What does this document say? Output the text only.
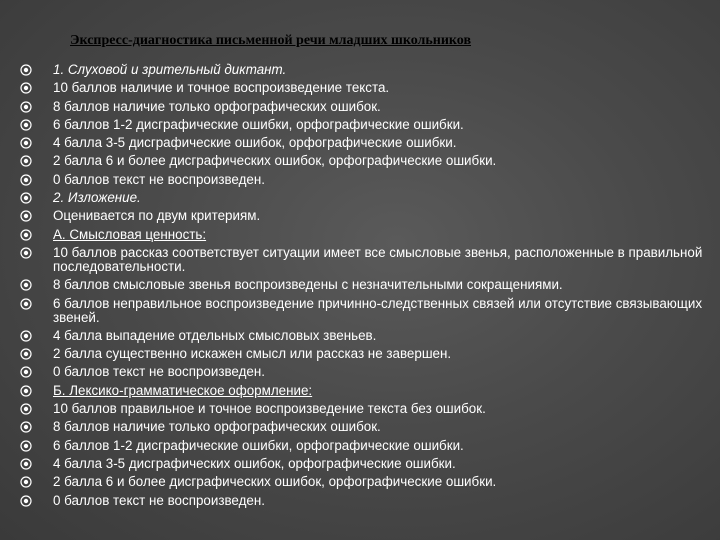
Экспресс-диагностика письменной речи младших школьников
1. Слуховой и зрительный диктант.
10 баллов наличие и точное воспроизведение текста.
8 баллов наличие только орфографических ошибок.
6 баллов 1-2 дисграфические ошибки, орфографические ошибки.
4 балла 3-5 дисграфические ошибок, орфографические ошибки.
2 балла 6 и более дисграфических ошибок, орфографические ошибки.
0 баллов текст не воспроизведен.
2. Изложение.
Оценивается по двум критериям.
А. Смысловая ценность:
10 баллов рассказ соответствует ситуации имеет все смысловые звенья, расположенные в правильной последовательности.
8 баллов смысловые звенья воспроизведены с незначительными сокращениями.
6 баллов неправильное воспроизведение причинно-следственных связей или отсутствие связывающих звеней.
4 балла выпадение отдельных смысловых звеньев.
2 балла существенно искажен смысл или рассказ не завершен.
0 баллов текст не воспроизведен.
Б. Лексико-грамматическое оформление:
10 баллов правильное и точное воспроизведение текста без ошибок.
8 баллов наличие только орфографических ошибок.
6 баллов 1-2 дисграфические ошибки, орфографические ошибки.
4 балла 3-5 дисграфических ошибок, орфографические ошибки.
2 балла 6 и более дисграфических ошибок, орфографические ошибки.
0 баллов текст не воспроизведен.
